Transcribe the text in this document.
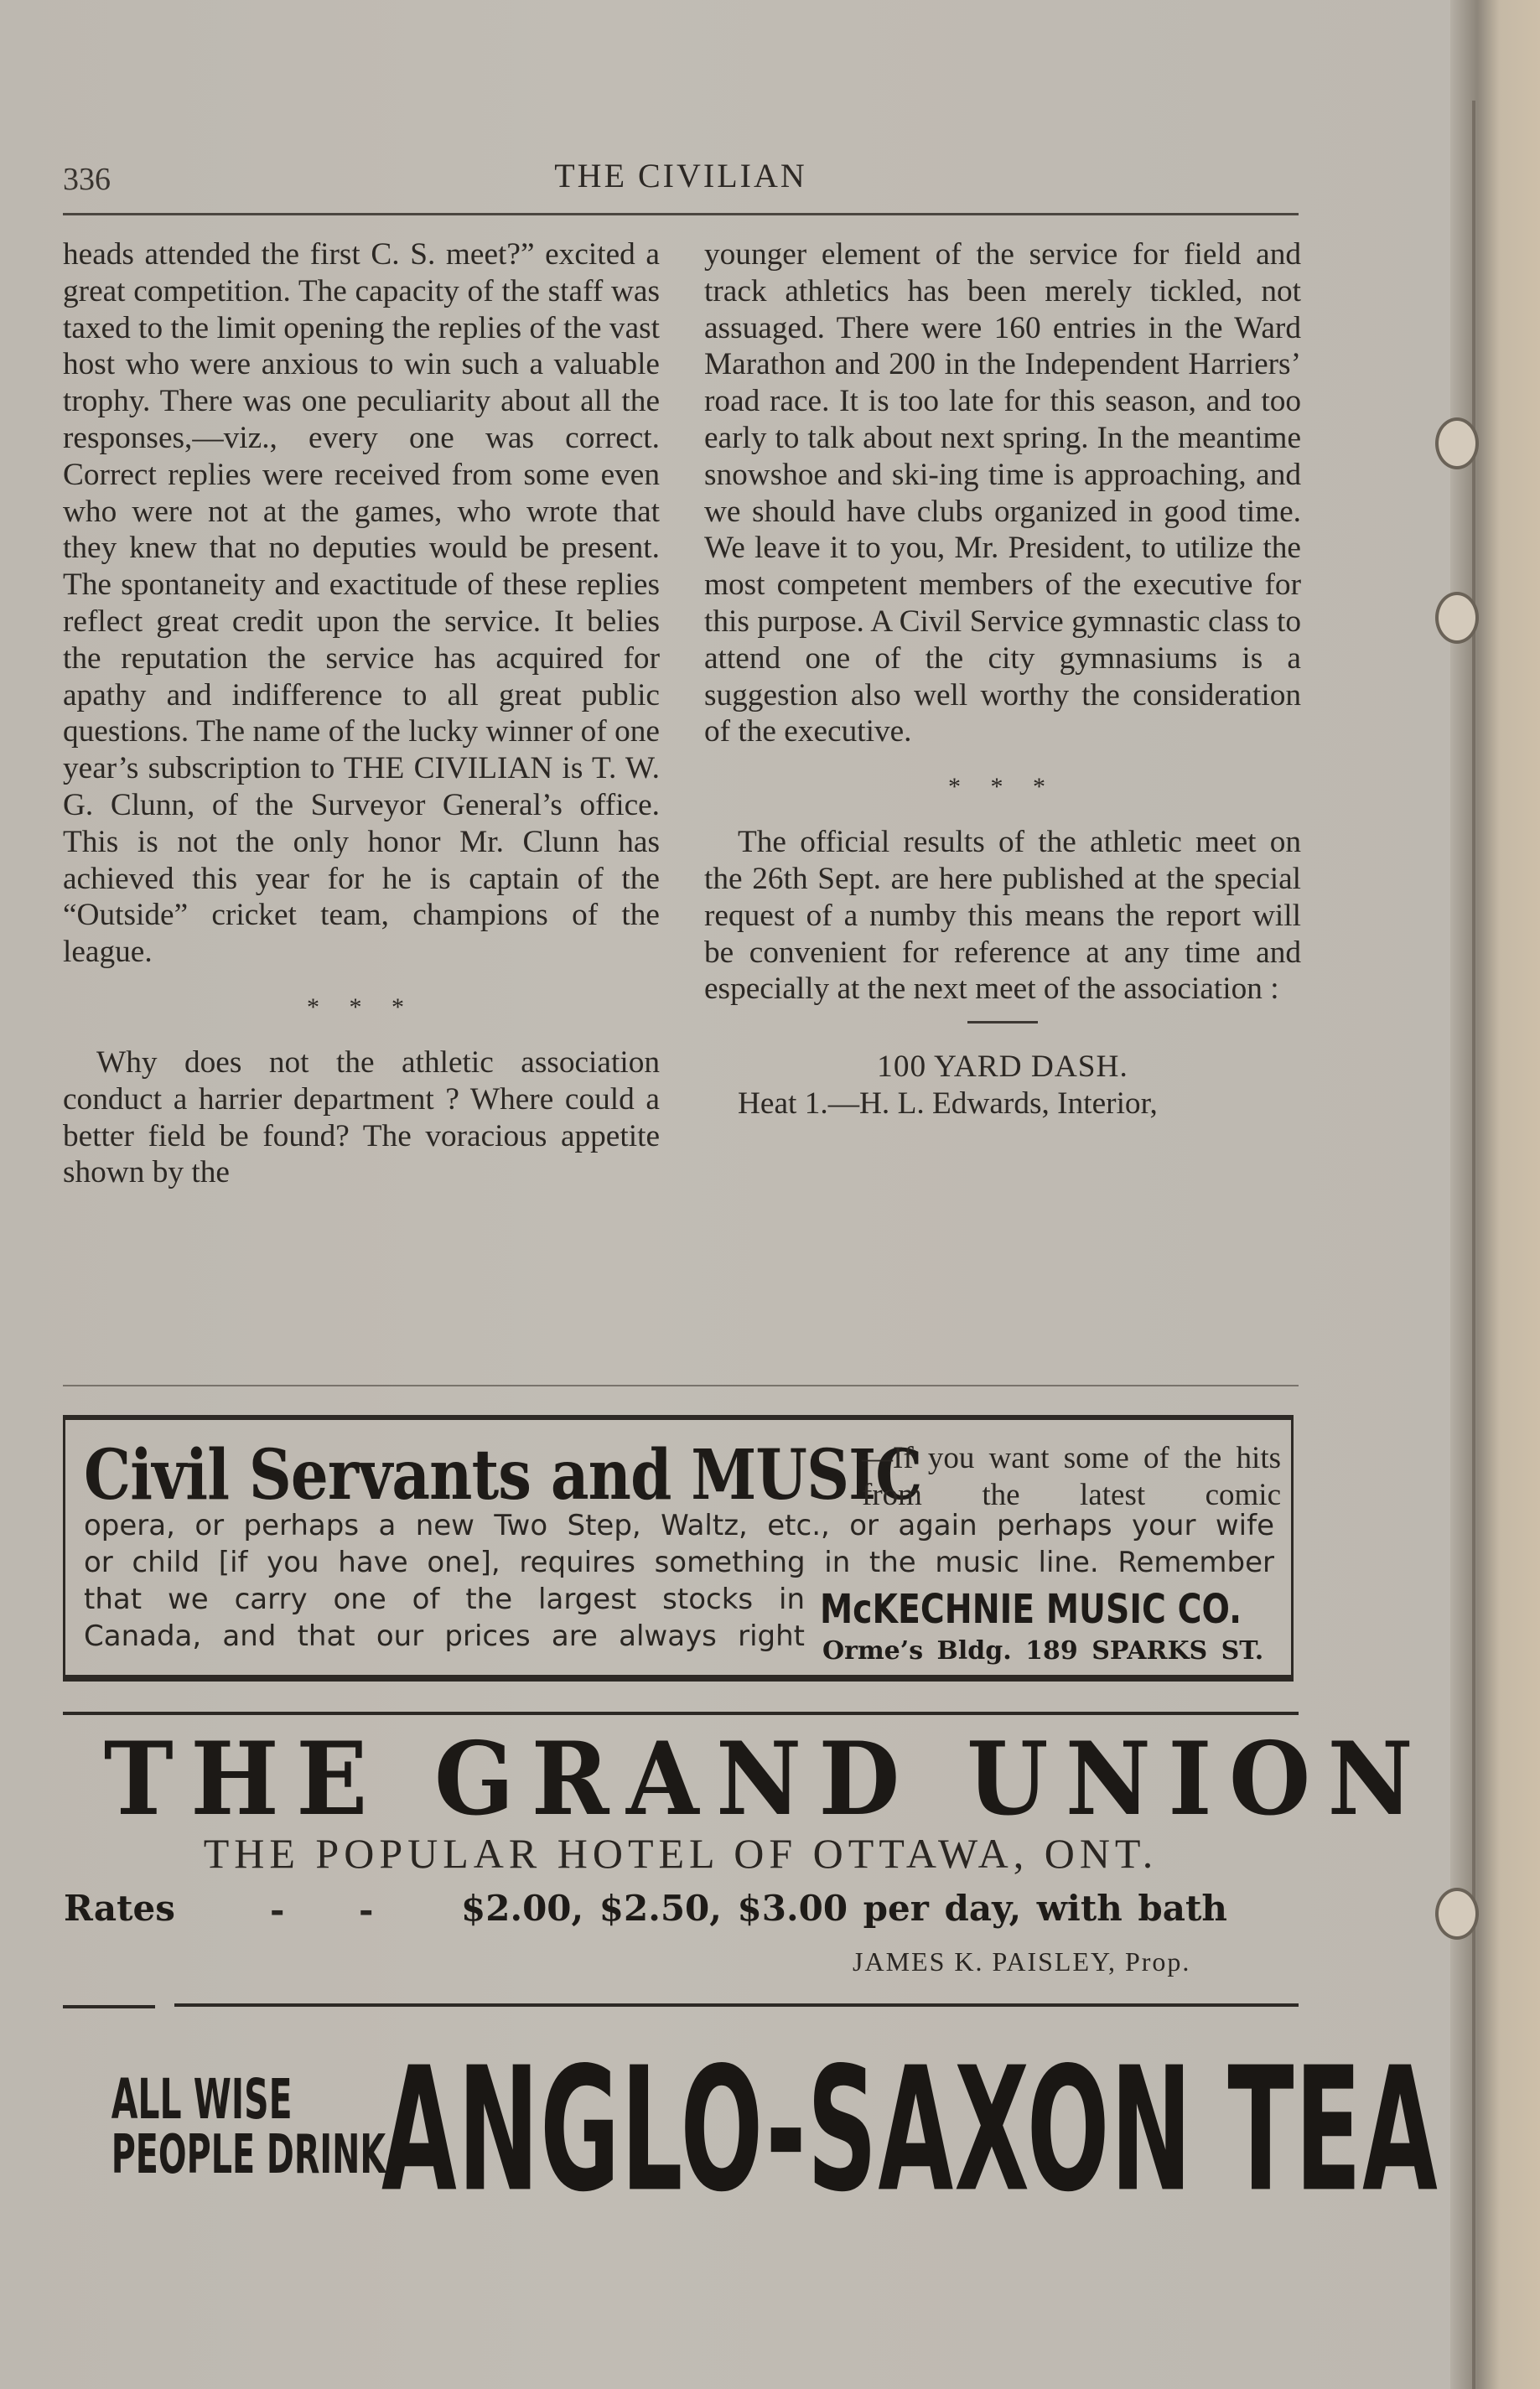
336	THE CIVILIAN

heads attended the first C. S. meet?” excited a great competition. The capacity of the staff was taxed to the limit opening the replies of the vast host who were anxious to win such a valuable trophy. There was one peculiarity about all the responses,—viz., every one was correct. Correct replies were received from some even who were not at the games, who wrote that they knew that no deputies would be present. The spontaneity and exactitude of these replies reflect great credit upon the service. It belies the reputation the service has acquired for apathy and indifference to all great public questions. The name of the lucky winner of one year’s subscription to THE CIVILIAN is T. W. G. Clunn, of the Surveyor General’s office. This is not the only honor Mr. Clunn has achieved this year for he is captain of the “Outside” cricket team, champions of the league.

* * *

Why does not the athletic association conduct a harrier department ? Where could a better field be found? The voracious appetite shown by the

younger element of the service for field and track athletics has been merely tickled, not assuaged. There were 160 entries in the Ward Marathon and 200 in the Independent Harriers’ road race. It is too late for this season, and too early to talk about next spring. In the meantime snowshoe and ski-ing time is approaching, and we should have clubs organized in good time. We leave it to you, Mr. President, to utilize the most competent members of the executive for this purpose. A Civil Service gymnastic class to attend one of the city gymnasiums is a suggestion also well worthy the consideration of the executive.

* * *

The official results of the athletic meet on the 26th Sept. are here published at the special request of a numby this means the report will be convenient for reference at any time and especially at the next meet of the association :

100 YARD DASH.

Heat 1.—H. L. Edwards, Interior,

Civil Servants and MUSIC
—If you want some of the hits from the latest comic

opera, or perhaps a new Two Step, Waltz, etc., or again perhaps your wife

or child [if you have one], requires something in the music line. Remember

that we carry one of the largest stocks in

Canada, and that our prices are always right

McKECHNIE MUSIC CO.
Orme’s Bldg. 189 SPARKS ST.
THE GRAND UNION
THE POPULAR HOTEL OF OTTAWA, ONT.
Rates	- - $2.00, $2.50, $3.00 per day, with bath
JAMES K. PAISLEY, Prop.
ALL WISE
PEOPLE DRINK
ANGLO-SAXON TEA
